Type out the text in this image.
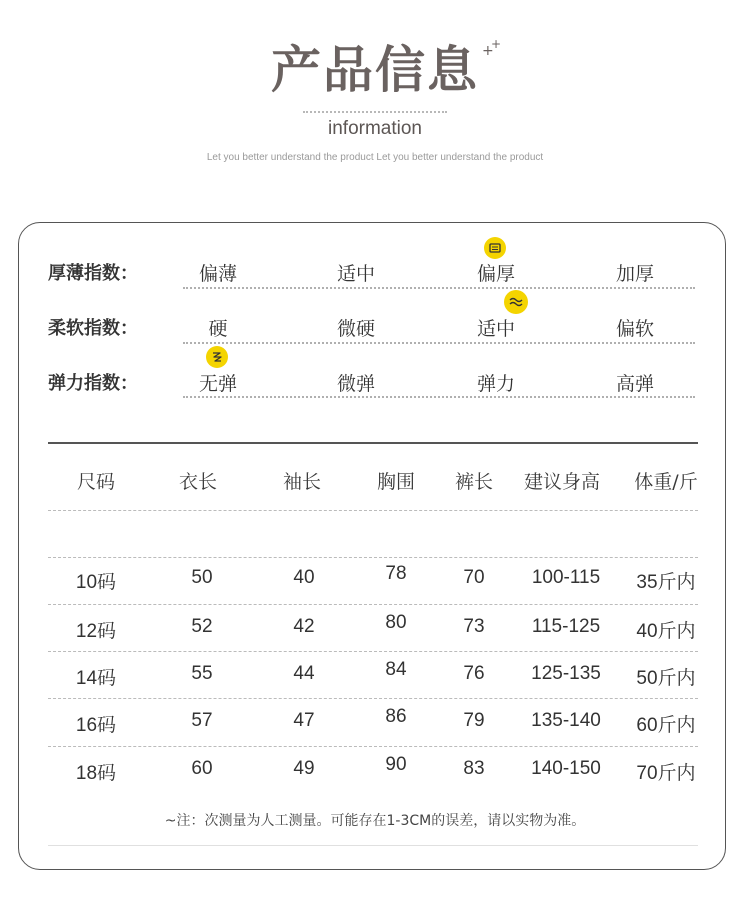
产品信息 +
+
information
Let you better understand the product Let you better understand the product
厚薄指数：	偏薄	适中	偏厚	加厚
柔软指数：	硬	微硬	适中	偏软
弹力指数：	无弹	微弹	弹力	高弹
尺码	衣长	袖长	胸围	裤长	建议身高	体重/斤
10码	50	40	78	70	100-115	35斤内
12码	52	42	80	73	115-125	40斤内
14码	55	44	84	76	125-135	50斤内
16码	57	47	86	79	135-140	60斤内
18码	60	49	90	83	140-150	70斤内
~注：次测量为人工测量。可能存在1-3CM的误差，请以实物为准。
